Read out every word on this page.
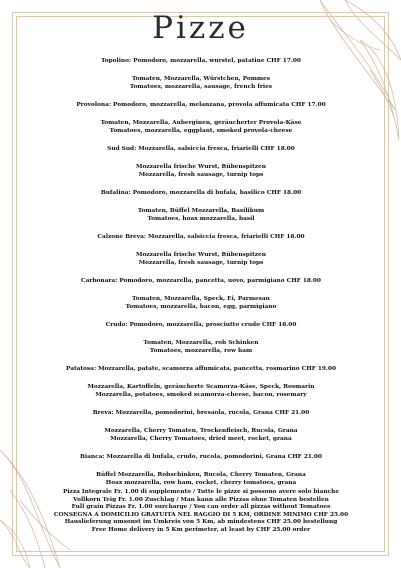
Pizze
Topolino: Pomodoro, mozzarella, wurstel, patatine CHF 17.00
Tomaten, Mozzarella, Würstchen, Pommes
Tomatoes, mozzarella, sausage, french fries
Provolona: Pomodoro, mozzarella, melanzana, provola affumicata CHF 17.00
Tomaten, Mozzarella, Auberginen, geräucherter Provola-Käse
Tomatoes, mozzarella, eggplant, smoked provola-cheese
Sud Sud: Mozzarella, salsiccia fresca, friarielli CHF 18.00
Mozzarella frische Wurst, Rübenspitzen
Mozzarella, fresh sausage, turnip tops
Bufalina: Pomodoro, mozzarella di bufala, basilico CHF 18.00
Tomaten, Büffel Mozzarella, Basilikum
Tomatoes, hoax mozzarella, basil
Calzone Breva: Mozzarella, salsiccia fresca, friarielli CHF 18.00
Mozzarella frische Wurst, Rübenspitzen
Mozzarella, fresh sausage, turnip tops
Carbonara: Pomodoro, mozzarella, pancetta, uovo, parmigiano CHF 18.00
Tomaten, Mozzarella, Speck, Ei, Parmesan
Tomatoes, mozzarella, bacon, egg, parmigiano
Crudo: Pomodoro, mozzarella, prosciutto crudo CHF 18.00
Tomaten, Mozzarella, roh Schinken
Tomatoes, mozzarella, row ham
Patatosa: Mozzarella, patate, scamorza affumicata, pancetta, rosmarino CHF 19.00
Mozzarella, Kartoffeln, geräucherte Scamorza-Käse, Speck, Rosmarin
Mozzarella, potatoes, smoked scamorza-cheese, bacon, rosemary
Breva: Mozzarella, pomodorini, bresaola, rucola, Grana CHF 21.00
Mozzarella, Cherry Tomaten, Trockenfleisch, Rucola, Grana
Mozzarella, Cherry Tomatoes, dried meet, rocket, grana
Bianca: Mozzarella di bufala, crudo, rucola, pomodorini, Grana CHF 21.00
Büffel Mozzarella, Rohschinken, Rucola, Cherry Tomaten, Grana
Hoax mozzarella, row ham, rocket, cherry tomatoes, grana
Pizza Integrale Fr. 1.00 di supplemento / Tutte le pizze si possono avere solo bianche
Vollkorn Teig Fr. 1.00 Zuschlag / Man kann alle Pizzas ohne Tomaten bestellen
Full grain Pizzas Fr. 1.00 surcharge / You can order all pizzas without Tomatoes
CONSEGNA A DOMICILIO GRATUITA NEL RAGGIO DI 5 KM, ORDINE MINIMO CHF 25.00
Hauslieferung umsonst im Umkreis von 5 Km, ab mindestens CHF 25.00 bestellung
Free Home delivery in 5 Km perimeter, at least by CHF 25.00 order
